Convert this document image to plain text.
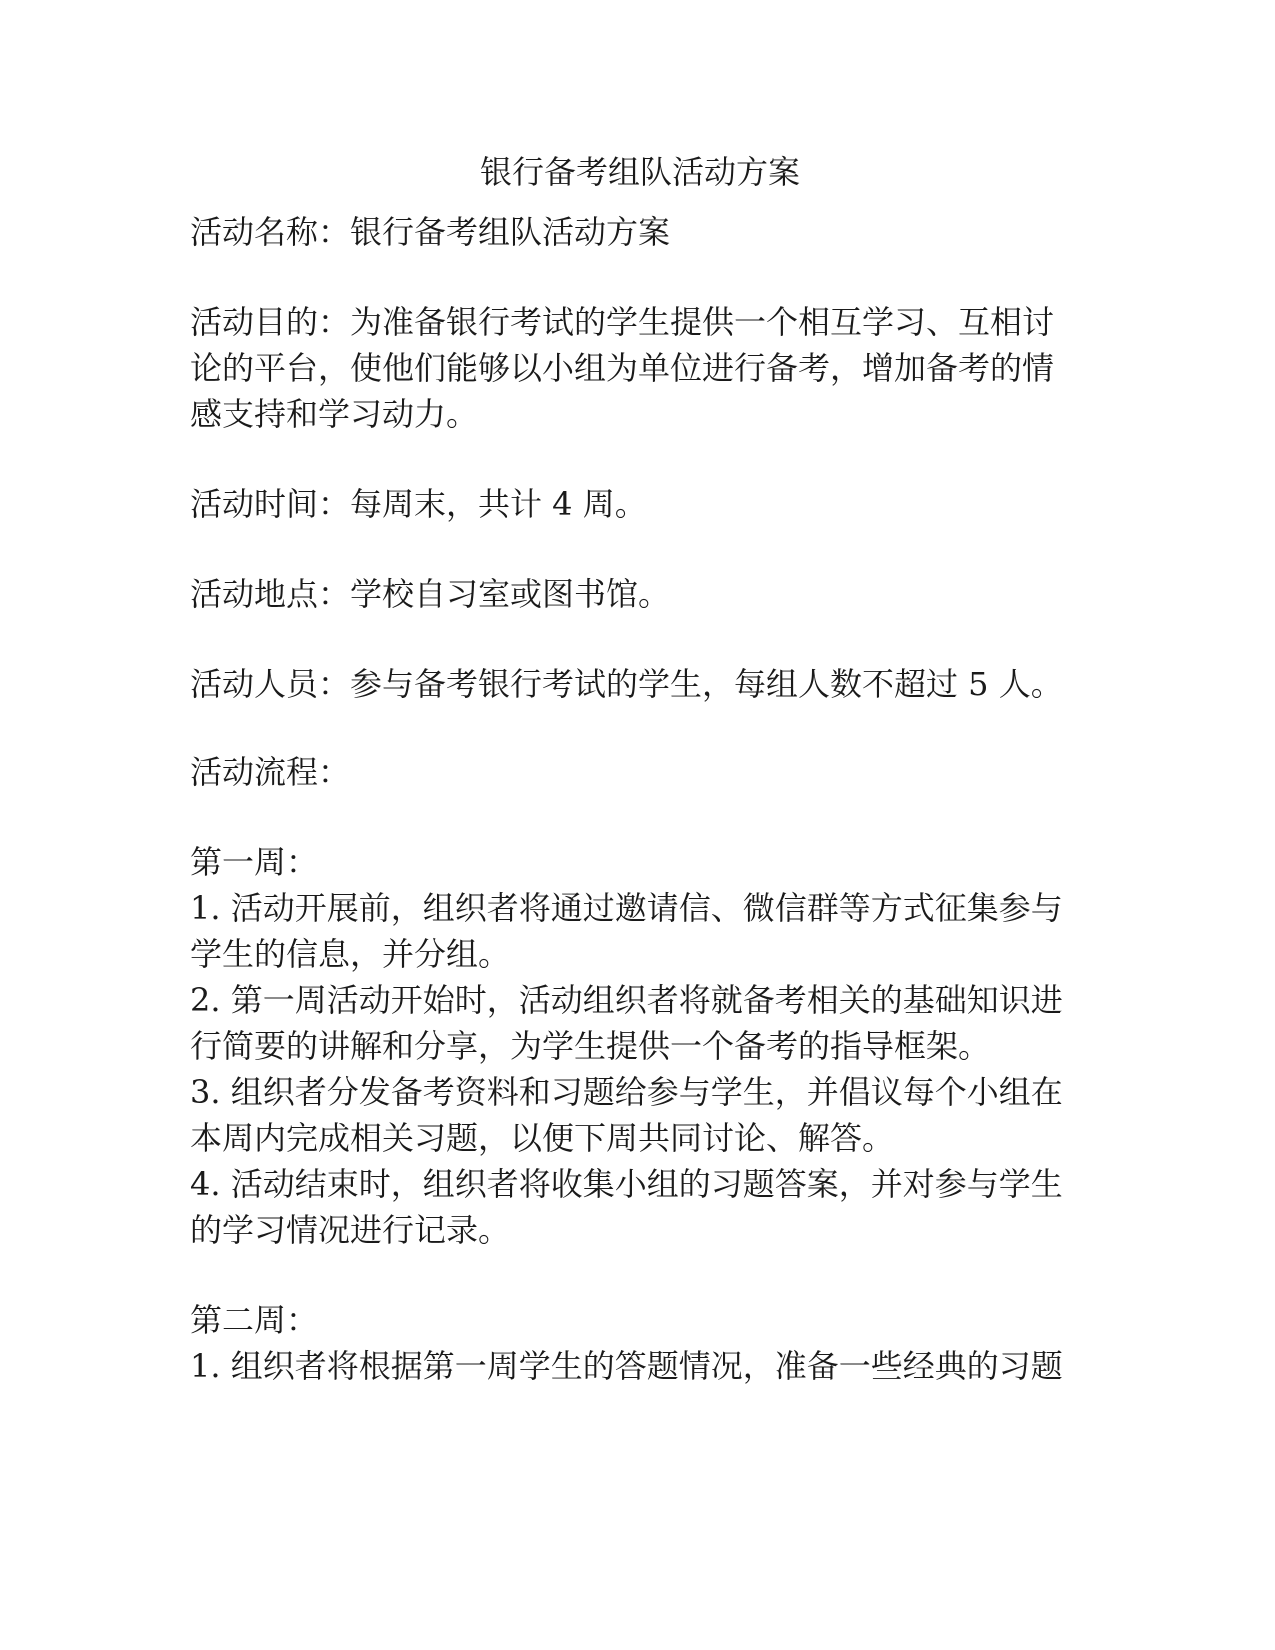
银行备考组队活动方案

活动名称：银行备考组队活动方案

活动目的：为准备银行考试的学生提供一个相互学习、互相讨

论的平台，使他们能够以小组为单位进行备考，增加备考的情

感支持和学习动力。

活动时间：每周末，共计 4 周。

活动地点：学校自习室或图书馆。

活动人员：参与备考银行考试的学生，每组人数不超过 5 人。

活动流程：

第一周：

1. 活动开展前，组织者将通过邀请信、微信群等方式征集参与

学生的信息，并分组。

2. 第一周活动开始时，活动组织者将就备考相关的基础知识进

行简要的讲解和分享，为学生提供一个备考的指导框架。

3. 组织者分发备考资料和习题给参与学生，并倡议每个小组在

本周内完成相关习题，以便下周共同讨论、解答。

4. 活动结束时，组织者将收集小组的习题答案，并对参与学生

的学习情况进行记录。

第二周：

1. 组织者将根据第一周学生的答题情况，准备一些经典的习题
